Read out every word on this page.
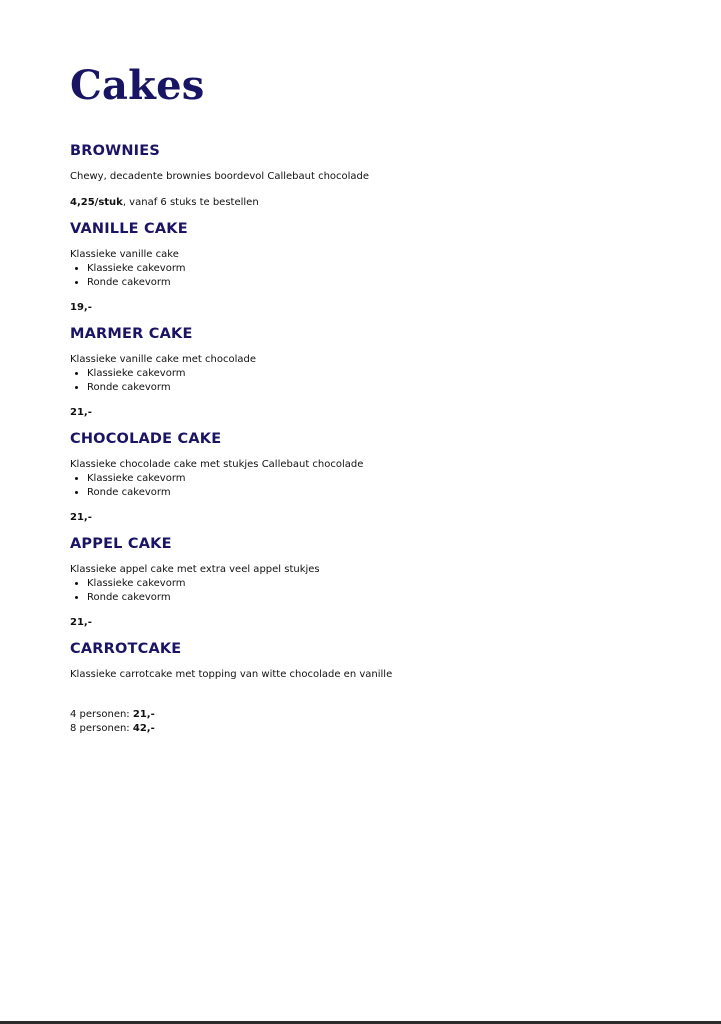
Cakes
BROWNIES

Chewy, decadente brownies boordevol Callebaut chocolade

4,25/stuk, vanaf 6 stuks te bestellen

VANILLE CAKE

Klassieke vanille cake

• Klassieke cakevorm
• Ronde cakevorm

19,-

MARMER CAKE

Klassieke vanille cake met chocolade

• Klassieke cakevorm
• Ronde cakevorm

21,-

CHOCOLADE CAKE

Klassieke chocolade cake met stukjes Callebaut chocolade

• Klassieke cakevorm
• Ronde cakevorm

21,-

APPEL CAKE

Klassieke appel cake met extra veel appel stukjes

• Klassieke cakevorm
• Ronde cakevorm

21,-

CARROTCAKE

Klassieke carrotcake met topping van witte chocolade en vanille

4 personen: 21,-

8 personen: 42,-
